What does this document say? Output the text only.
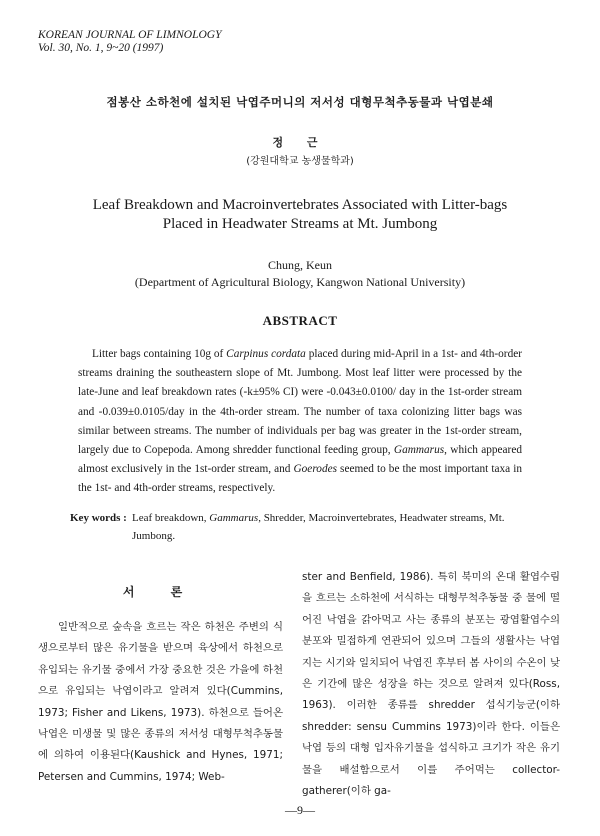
KOREAN JOURNAL OF LIMNOLOGY
Vol. 30, No. 1, 9~20 (1997)
점봉산 소하천에 설치된 낙엽주머니의 저서성 대형무척추동물과 낙엽분쇄
정 근
(강원대학교 농생물학과)
Leaf Breakdown and Macroinvertebrates Associated with Litter-bags
Placed in Headwater Streams at Mt. Jumbong
Chung, Keun
(Department of Agricultural Biology, Kangwon National University)
ABSTRACT

Litter bags containing 10g of Carpinus cordata placed during mid-April in a 1st- and 4th-order streams draining the southeastern slope of Mt. Jumbong. Most leaf litter were processed by the late-June and leaf breakdown rates (-k±95% CI) were -0.043±0.0100/ day in the 1st-order stream and -0.039±0.0105/day in the 4th-order stream. The number of taxa colonizing litter bags was similar between streams. The number of individuals per bag was greater in the 1st-order stream, largely due to Copepoda. Among shredder functional feeding group, Gammarus, which appeared almost exclusively in the 1st-order stream, and Goerodes seemed to be the most important taxa in the 1st- and 4th-order streams, respectively.

Key words : Leaf breakdown, Gammarus, Shredder, Macroinvertebrates, Headwater streams, Mt. Jumbong.
서 론

일반적으로 숲속을 흐르는 작은 하천은 주변의 식생으로부터 많은 유기물을 받으며 육상에서 하천으로 유입되는 유기물 중에서 가장 중요한 것은 가을에 하천으로 유입되는 낙엽이라고 알려져 있다(Cummins, 1973; Fisher and Likens, 1973). 하천으로 들어온 낙엽은 미생물 및 많은 종류의 저서성 대형무척추동물에 의하여 이용된다(Kaushick and Hynes, 1971; Petersen and Cummins, 1974; Web-

ster and Benfield, 1986). 특히 북미의 온대 활엽수림을 흐르는 소하천에 서식하는 대형무척추동물 중 물에 떨어진 낙엽을 갉아먹고 사는 종류의 분포는 광엽활엽수의 분포와 밀접하게 연관되어 있으며 그들의 생활사는 낙엽지는 시기와 일치되어 낙엽진 후부터 봄 사이의 수온이 낮은 기간에 많은 성장을 하는 것으로 알려져 있다(Ross, 1963). 이러한 종류를 shredder 섭식기능군(이하 shredder: sensu Cummins 1973)이라 한다. 이들은 낙엽 등의 대형 입자유기물을 섭식하고 크기가 작은 유기물을 배설함으로서 이를 주어먹는 collector-gatherer(이하 ga-

—9—
